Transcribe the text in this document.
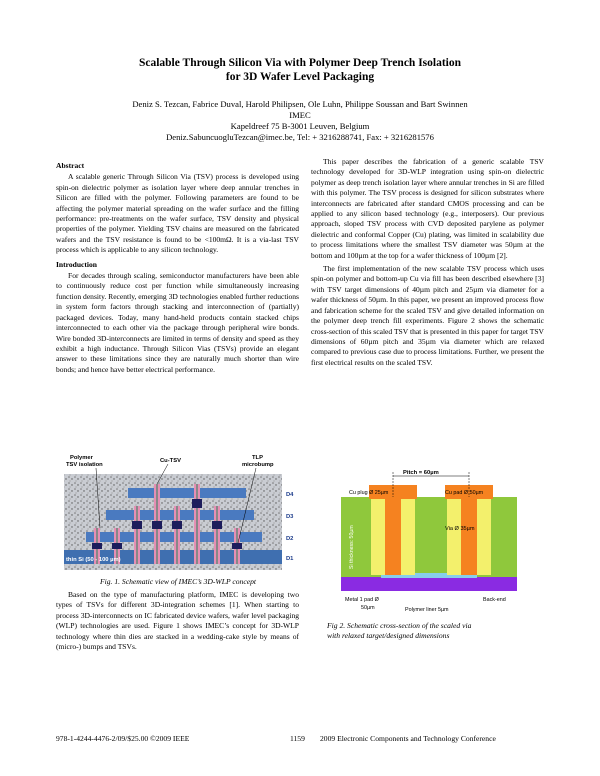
Scalable Through Silicon Via with Polymer Deep Trench Isolation
for 3D Wafer Level Packaging
Deniz S. Tezcan, Fabrice Duval, Harold Philipsen, Ole Luhn, Philippe Soussan and Bart Swinnen
IMEC
Kapeldreef 75 B-3001 Leuven, Belgium
Deniz.SabuncuogluTezcan@imec.be, Tel: + 3216288741, Fax: + 3216281576

Abstract

A scalable generic Through Silicon Via (TSV) process is developed using spin-on dielectric polymer as isolation layer where deep annular trenches in Silicon are filled with the polymer. Following parameters are found to be affecting the polymer material spreading on the wafer surface and the filling performance: pre-treatments on the wafer surface, TSV density and physical properties of the polymer. Yielding TSV chains are measured on the fabricated wafers and the TSV resistance is found to be <100mΩ. It is a via-last TSV process which is applicable to any silicon technology.

Introduction

For decades through scaling, semiconductor manufacturers have been able to continuously reduce cost per function while simultaneously increasing function density. Recently, emerging 3D technologies enabled further reductions in system form factors through stacking and interconnection of (partially) packaged devices. Today, many hand-held products contain stacked chips interconnected to each other via the package through peripheral wire bonds. Wire bonded 3D-interconnects are limited in terms of density and speed as they exhibit a high inductance. Through Silicon Vias (TSVs) provide an elegant answer to these limitations since they are naturally much shorter than wire bonds; and hence have better electrical performance.

Polymer
TSV isolation
Cu-TSV	TLP
microbump
D4
D3
D2
D1
thin Si (50 - 100 µm)
Fig. 1. Schematic view of IMEC’s 3D-WLP concept

Based on the type of manufacturing platform, IMEC is developing two types of TSVs for different 3D-integration schemes [1]. When starting to process 3D-interconnects on IC fabricated device wafers, wafer level packaging (WLP) technologies are used. Figure 1 shows IMEC’s concept for 3D-WLP technology where thin dies are stacked in a wedding-cake style by means of (micro-) bumps and TSVs.

This paper describes the fabrication of a generic scalable TSV technology developed for 3D-WLP integration using spin-on dielectric polymer as deep trench isolation layer where annular trenches in Si are filled with this polymer. The TSV process is designed for silicon substrates where interconnects are fabricated after standard CMOS processing and can be applied to any silicon based technology (e.g., interposers). Our previous approach, sloped TSV process with CVD deposited parylene as polymer dielectric and conformal Copper (Cu) plating, was limited in scalability due to process limitations where the smallest TSV diameter was 50µm at the bottom and 100µm at the top for a wafer thickness of 100µm [2].

The first implementation of the new scalable TSV process which uses spin-on polymer and bottom-up Cu via fill has been described elsewhere [3] with TSV target dimensions of 40µm pitch and 25µm via diameter for a wafer thickness of 50µm. In this paper, we present an improved process flow and fabrication scheme for the scaled TSV and give detailed information on the polymer deep trench fill experiments. Figure 2 shows the schematic cross-section of this scaled TSV that is presented in this paper for target TSV dimensions of 60µm pitch and 35µm via diameter which are relaxed compared to previous case due to process limitations. Further, we present the first electrical results on the scaled TSV.

Pitch = 60µm
Cu plug Ø 25µm	Cu pad Ø 50µm
Via Ø 35µm
Si thickness: 50µm
Metal 1 pad Ø
50µm	Polymer liner 5µm
Back-end
Fig 2. Schematic cross-section of the scaled via
with relaxed target/designed dimensions
978-1-4244-4476-2/09/$25.00 ©2009 IEEE	1159 2009 Electronic Components and Technology Conference
